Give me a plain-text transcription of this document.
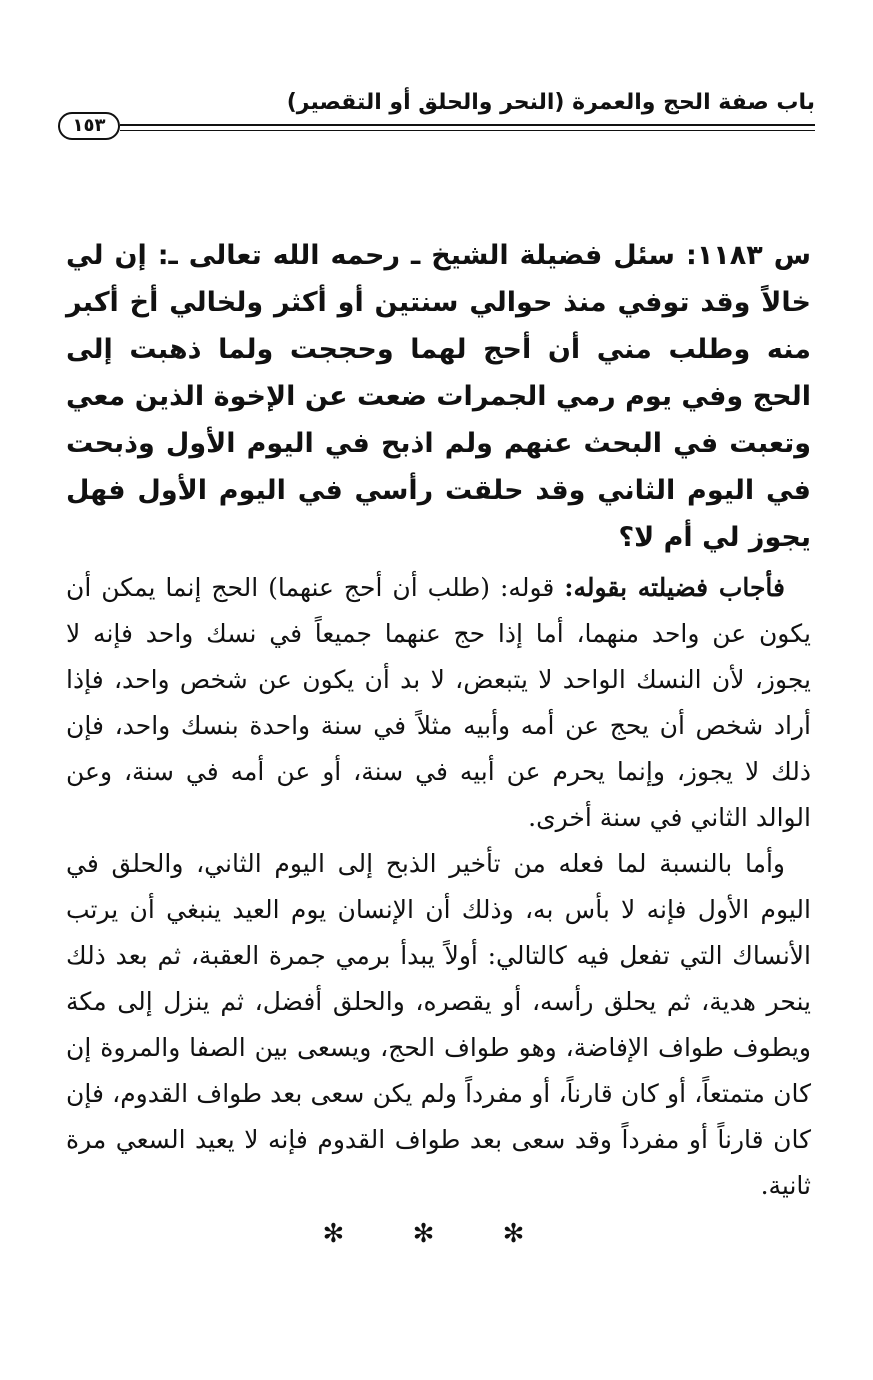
باب صفة الحج والعمرة (النحر والحلق أو التقصير)
١٥٣

س ١١٨٣: سئل فضيلة الشيخ ـ رحمه الله تعالى ـ: إن لي خالاً وقد توفي منذ حوالي سنتين أو أكثر ولخالي أخ أكبر منه وطلب مني أن أحج لهما وحججت ولما ذهبت إلى الحج وفي يوم رمي الجمرات ضعت عن الإخوة الذين معي وتعبت في البحث عنهم ولم اذبح في اليوم الأول وذبحت في اليوم الثاني وقد حلقت رأسي في اليوم الأول فهل يجوز لي أم لا؟

فأجاب فضيلته بقوله: قوله: (طلب أن أحج عنهما) الحج إنما يمكن أن يكون عن واحد منهما، أما إذا حج عنهما جميعاً في نسك واحد فإنه لا يجوز، لأن النسك الواحد لا يتبعض، لا بد أن يكون عن شخص واحد، فإذا أراد شخص أن يحج عن أمه وأبيه مثلاً في سنة واحدة بنسك واحد، فإن ذلك لا يجوز، وإنما يحرم عن أبيه في سنة، أو عن أمه في سنة، وعن الوالد الثاني في سنة أخرى.

وأما بالنسبة لما فعله من تأخير الذبح إلى اليوم الثاني، والحلق في اليوم الأول فإنه لا بأس به، وذلك أن الإنسان يوم العيد ينبغي أن يرتب الأنساك التي تفعل فيه كالتالي: أولاً يبدأ برمي جمرة العقبة، ثم بعد ذلك ينحر هدية، ثم يحلق رأسه، أو يقصره، والحلق أفضل، ثم ينزل إلى مكة ويطوف طواف الإفاضة، وهو طواف الحج، ويسعى بين الصفا والمروة إن كان متمتعاً، أو كان قارناً، أو مفرداً ولم يكن سعى بعد طواف القدوم، فإن كان قارناً أو مفرداً وقد سعى بعد طواف القدوم فإنه لا يعيد السعي مرة ثانية.

✻ ✻ ✻
